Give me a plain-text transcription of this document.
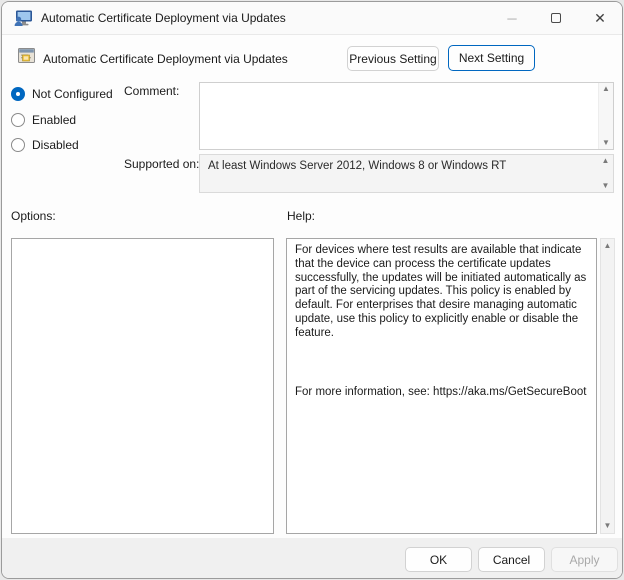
Automatic Certificate Deployment via Updates	─	✕
Automatic Certificate Deployment via Updates	Previous Setting	Next Setting
Not Configured
Enabled
Disabled
Comment:	▲
▼
Supported on: At least Windows Server 2012, Windows 8 or Windows RT	▲
▼
Options:	Help:
For devices where test results are available that indicate that the device can process the certificate updates successfully, the updates will be initiated automatically as part of the servicing updates. This policy is enabled by default. For enterprises that desire managing automatic update, use this policy to explicitly enable or disable the feature.
For more information, see: https://aka.ms/GetSecureBoot
▲
▼
OK	Cancel	Apply
